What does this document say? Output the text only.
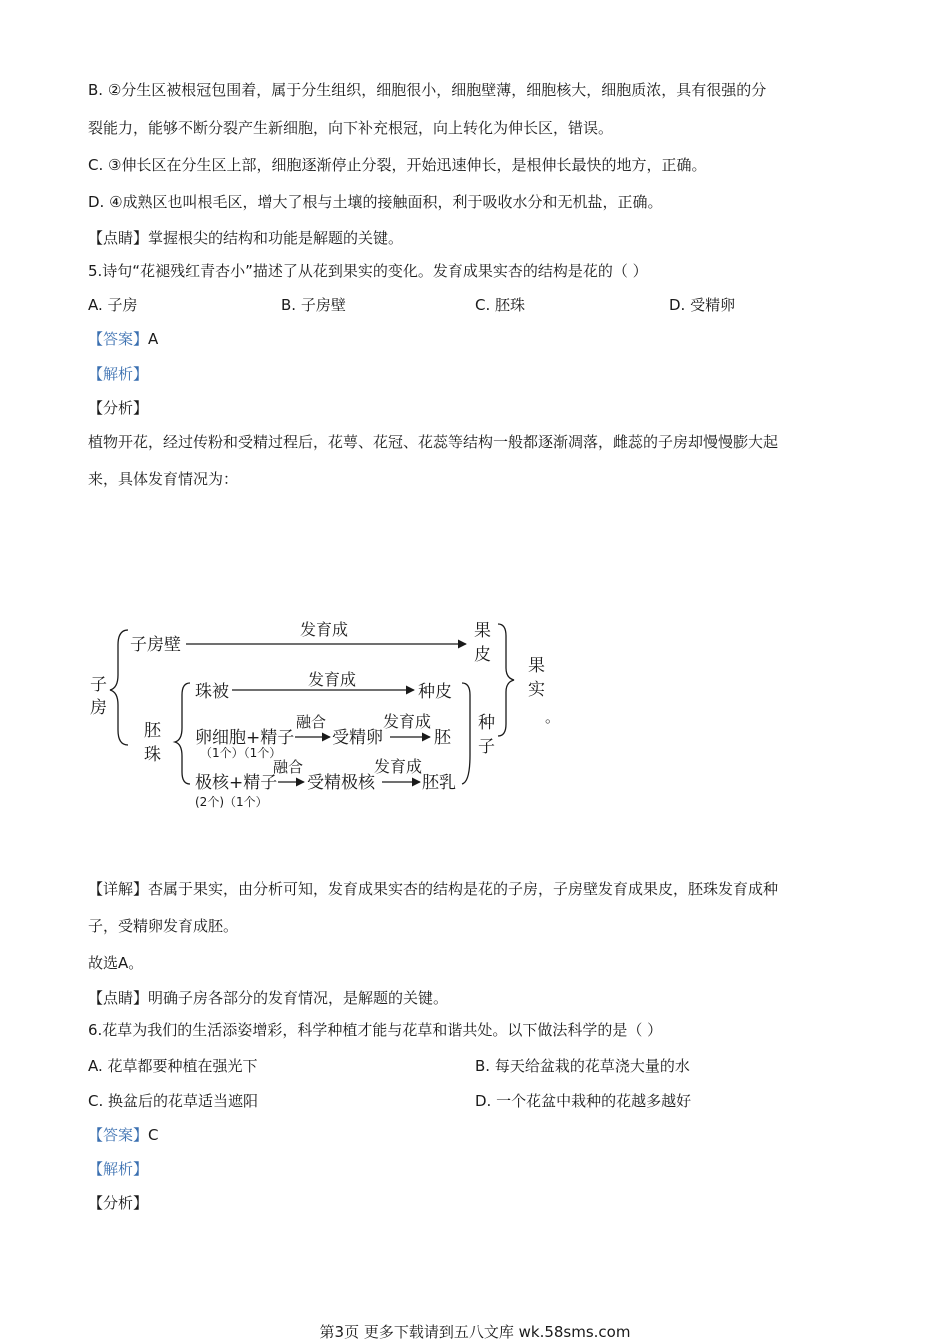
B. ②分生区被根冠包围着，属于分生组织，细胞很小，细胞壁薄，细胞核大，细胞质浓，具有很强的分
裂能力，能够不断分裂产生新细胞，向下补充根冠，向上转化为伸长区，错误。
C. ③伸长区在分生区上部，细胞逐渐停止分裂，开始迅速伸长，是根伸长最快的地方，正确。
D. ④成熟区也叫根毛区，增大了根与土壤的接触面积，利于吸收水分和无机盐，正确。
【点睛】掌握根尖的结构和功能是解题的关键。
5.诗句“花褪残红青杏小”描述了从花到果实的变化。发育成果实杏的结构是花的（ ）
A. 子房	B. 子房壁	C. 胚珠	D. 受精卵
【答案】A
【解析】
【分析】
植物开花，经过传粉和受精过程后，花萼、花冠、花蕊等结构一般都逐渐凋落，雌蕊的子房却慢慢膨大起
来，具体发育情况为：
子
房
子房壁
发育成	果
皮
果
实
。
胚
珠
珠被
发育成
种皮
卵细胞+精子
（1个）（1个）
融合
受精卵
发育成
胚
种
子
极核+精子
(2个)（1个）
融合
受精极核
发育成
胚乳
【详解】杏属于果实，由分析可知，发育成果实杏的结构是花的子房，子房壁发育成果皮，胚珠发育成种
子，受精卵发育成胚。
故选A。
【点睛】明确子房各部分的发育情况，是解题的关键。
6.花草为我们的生活添姿增彩，科学种植才能与花草和谐共处。以下做法科学的是（ ）
A. 花草都要种植在强光下	B. 每天给盆栽的花草浇大量的水
C. 换盆后的花草适当遮阳	D. 一个花盆中栽种的花越多越好
【答案】C
【解析】
【分析】
第3页 更多下载请到五八文库 wk.58sms.com
